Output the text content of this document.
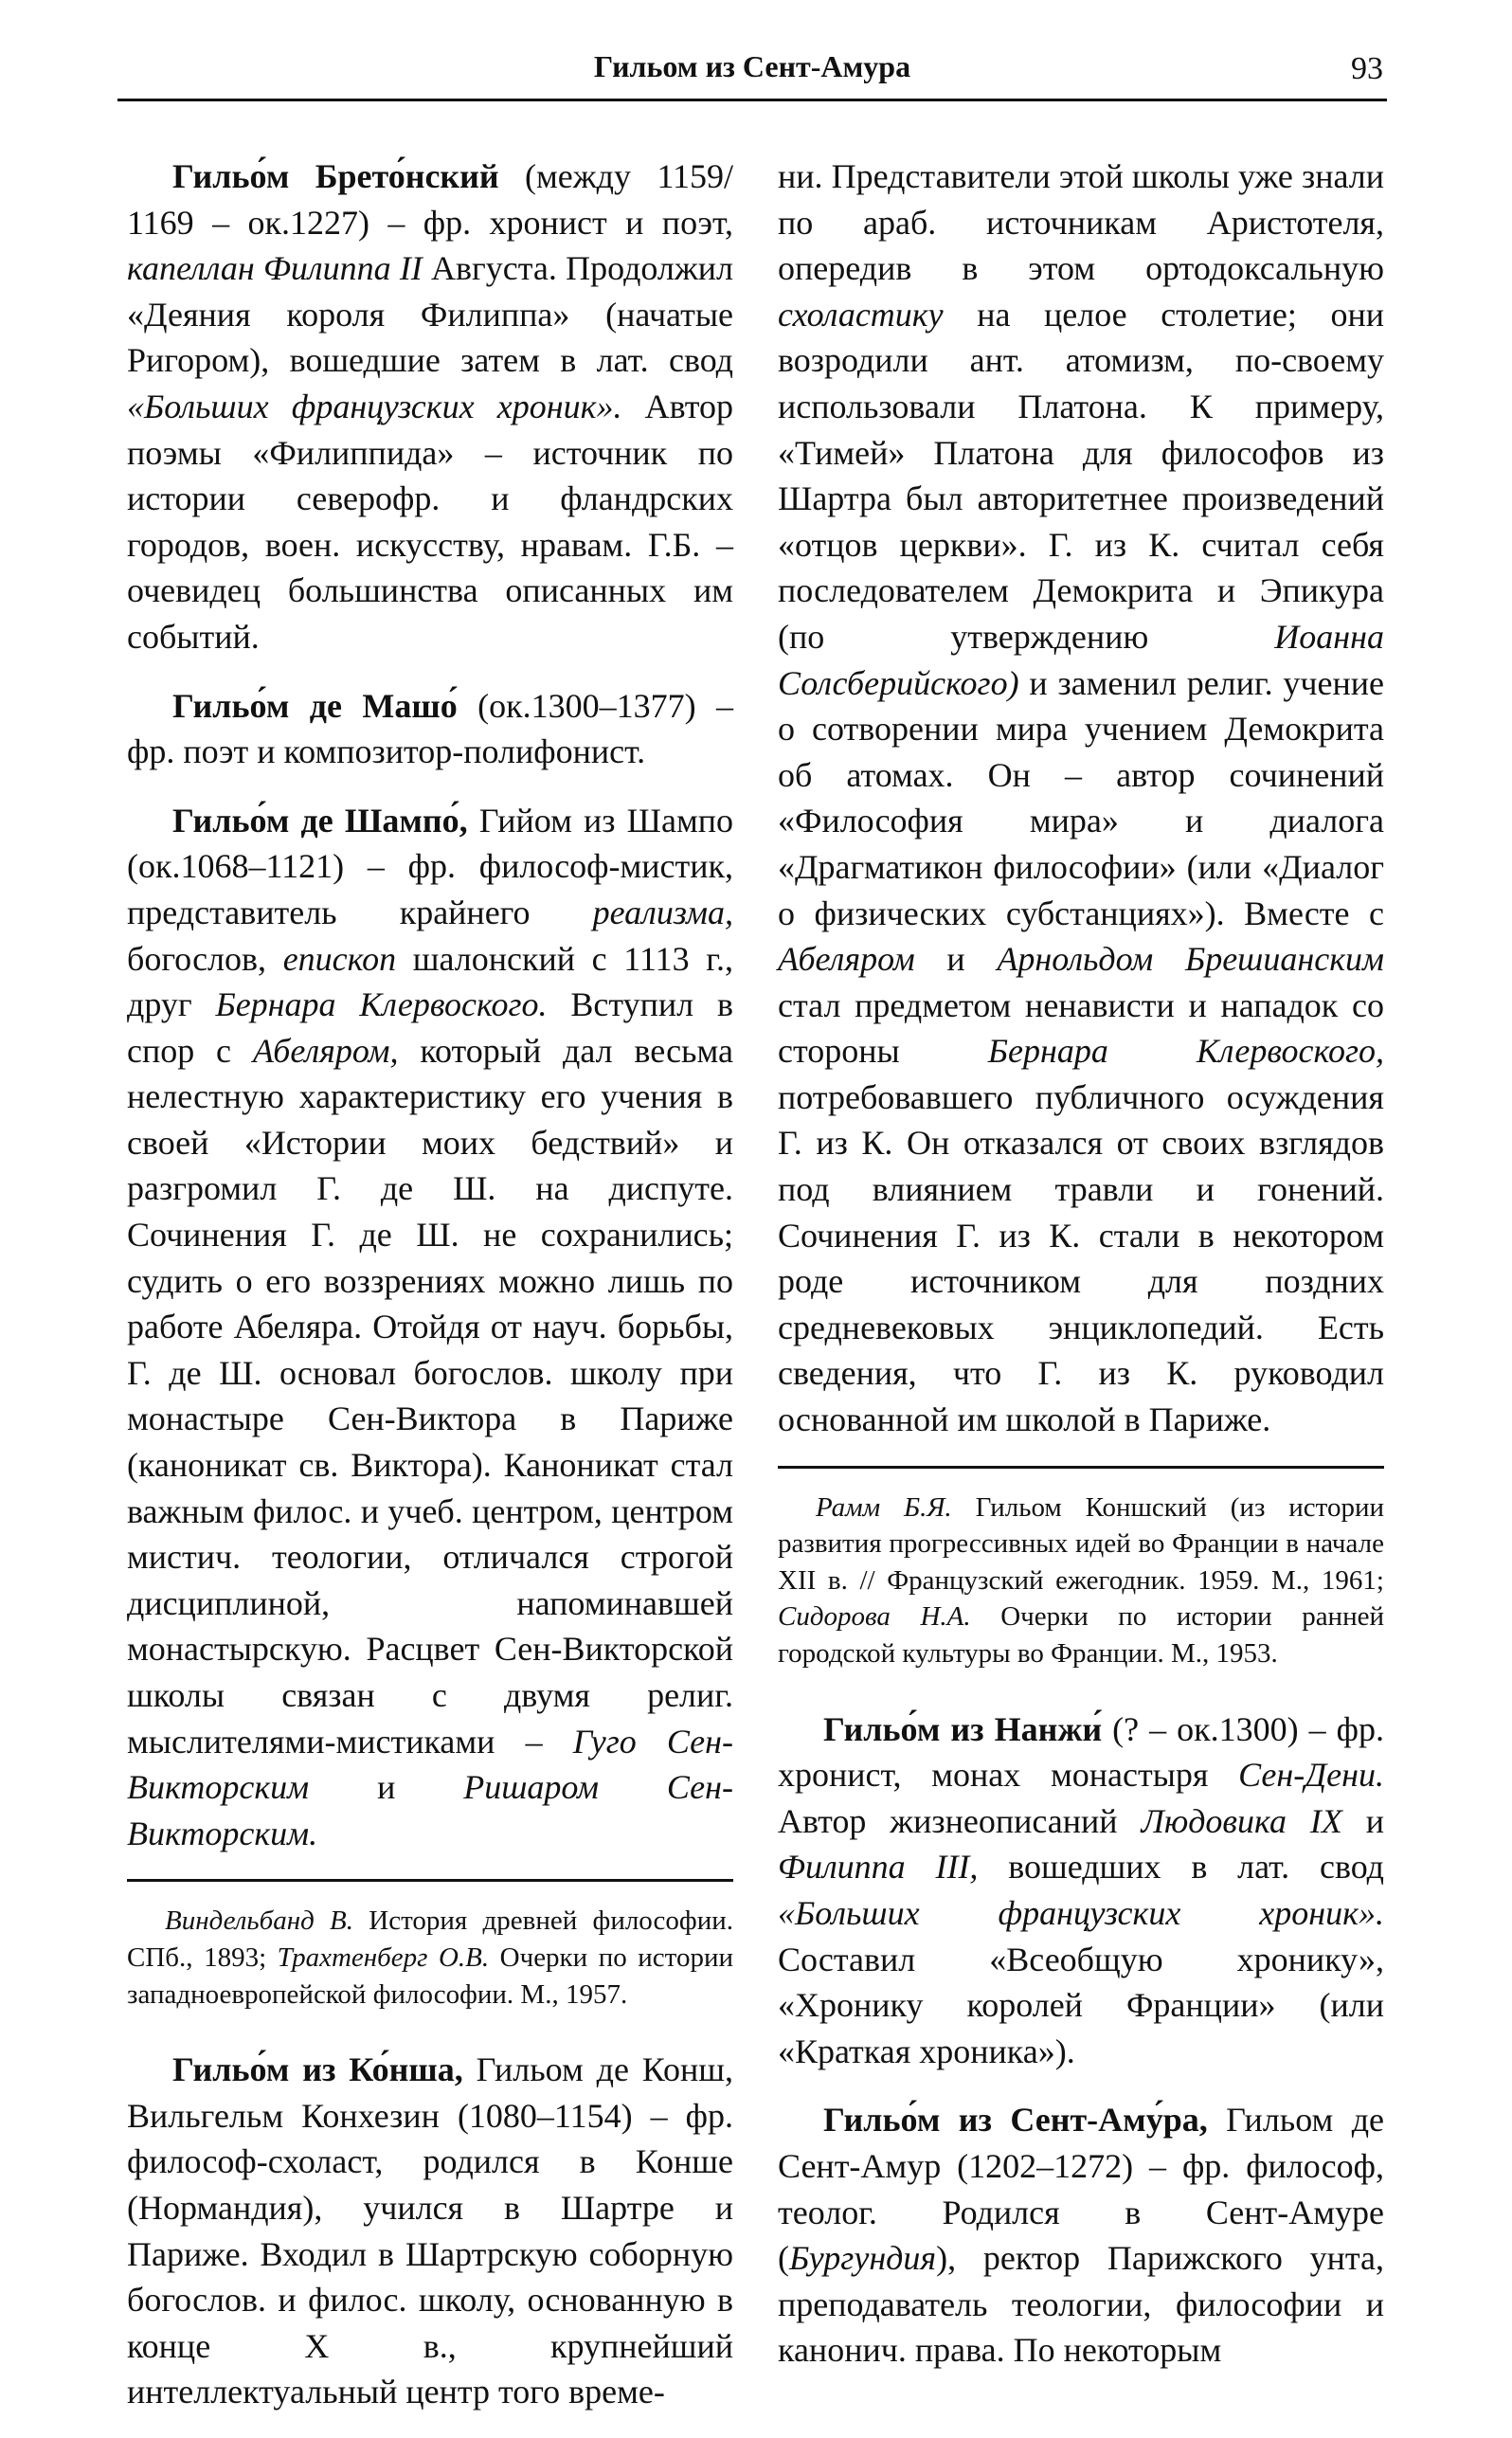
Гильом из Сент-Амура	93

Гильо́м Брето́нский (между 1159/ 1169 – ок.1227) – фр. хронист и поэт, капеллан Филиппа II Августа. Продолжил «Деяния короля Филиппа» (начатые Ригором), вошедшие затем в лат. свод «Больших французских хроник». Автор поэмы «Филиппида» – источник по истории северофр. и фландрских городов, воен. искусству, нравам. Г.Б. – очевидец большинства описанных им событий.

Гильо́м де Машо́ (ок.1300–1377) – фр. поэт и композитор-полифонист.

Гильо́м де Шампо́, Гийом из Шампо (ок.1068–1121) – фр. философ-мистик, представитель крайнего реализма, богослов, епископ шалонский с 1113 г., друг Бернара Клервоского. Вступил в спор с Абеляром, который дал весьма нелестную характеристику его учения в своей «Истории моих бедствий» и разгромил Г. де Ш. на диспуте. Сочинения Г. де Ш. не сохранились; судить о его воззрениях можно лишь по работе Абеляра. Отойдя от науч. борьбы, Г. де Ш. основал богослов. школу при монастыре Сен-Виктора в Париже (каноникат св. Виктора). Каноникат стал важным филос. и учеб. центром, центром мистич. теологии, отличался строгой дисциплиной, напоминавшей монастырскую. Расцвет Сен-Викторской школы связан с двумя религ. мыслителями-мистиками – Гуго Сен-Викторским и Ришаром Сен-Викторским.

Виндельбанд В. История древней философии. СПб., 1893; Трахтенберг О.В. Очерки по истории западноевропейской философии. М., 1957.

Гильо́м из Ко́нша, Гильом де Конш, Вильгельм Конхезин (1080–1154) – фр. философ-схоласт, родился в Конше (Нормандия), учился в Шартре и Париже. Входил в Шартрскую соборную богослов. и филос. школу, основанную в конце X в., крупнейший интеллектуальный центр того време-

ни. Представители этой школы уже знали по араб. источникам Аристотеля, опередив в этом ортодоксальную схоластику на целое столетие; они возродили ант. атомизм, по-своему использовали Платона. К примеру, «Тимей» Платона для философов из Шартра был авторитетнее произведений «отцов церкви». Г. из К. считал себя последователем Демокрита и Эпикура (по утверждению Иоанна Солсберийского) и заменил религ. учение о сотворении мира учением Демокрита об атомах. Он – автор сочинений «Философия мира» и диалога «Драгматикон философии» (или «Диалог о физических субстанциях»). Вместе с Абеляром и Арнольдом Брешианским стал предметом ненависти и нападок со стороны Бернара Клервоского, потребовавшего публичного осуждения Г. из К. Он отказался от своих взглядов под влиянием травли и гонений. Сочинения Г. из К. стали в некотором роде источником для поздних средневековых энциклопедий. Есть сведения, что Г. из К. руководил основанной им школой в Париже.

Рамм Б.Я. Гильом Коншский (из истории развития прогрессивных идей во Франции в начале XII в. // Французский ежегодник. 1959. М., 1961; Сидорова Н.А. Очерки по истории ранней городской культуры во Франции. М., 1953.

Гильо́м из Нанжи́ (? – ок.1300) – фр. хронист, монах монастыря Сен-Дени. Автор жизнеописаний Людовика IX и Филиппа III, вошедших в лат. свод «Больших французских хроник». Составил «Всеобщую хронику», «Хронику королей Франции» (или «Краткая хроника»).

Гильо́м из Сент-Аму́ра, Гильом де Сент-Амур (1202–1272) – фр. философ, теолог. Родился в Сент-Амуре (Бургундия), ректор Парижского унта, преподаватель теологии, философии и канонич. права. По некоторым
